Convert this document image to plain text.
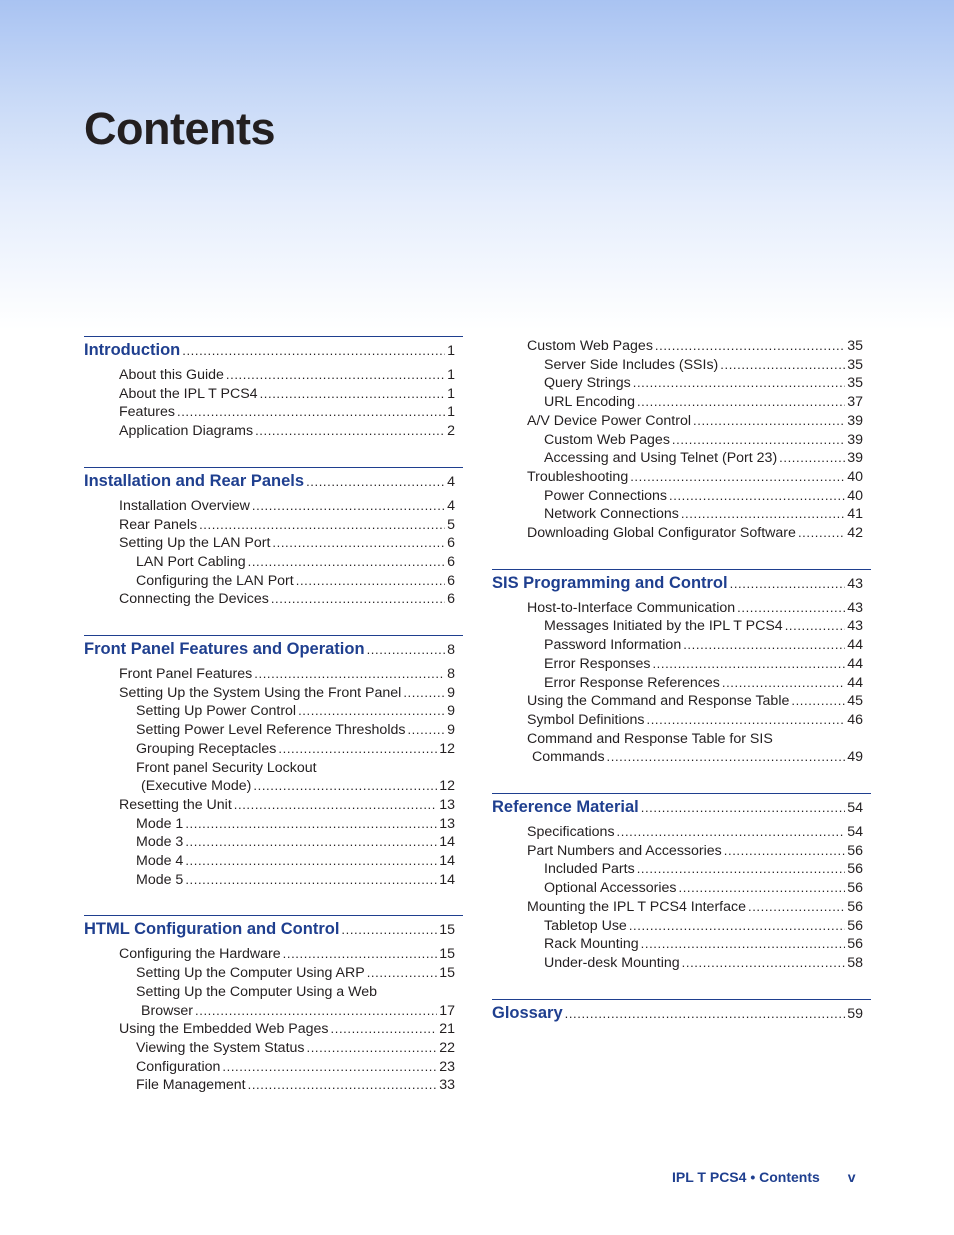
Contents
Introduction .....	1
About this Guide .....	1
About the IPL T PCS4 .....	1
Features .....	1
Application Diagrams .....	2
Installation and Rear Panels .....	4
Installation Overview .....	4
Rear Panels .....	5
Setting Up the LAN Port .....	6
LAN Port Cabling .....	6
Configuring the LAN Port .....	6
Connecting the Devices .....	6
Front Panel Features and Operation .....	8
Front Panel Features .....	8
Setting Up the System Using the Front Panel .....	9
Setting Up Power Control .....	9
Setting Power Level Reference Thresholds .....	9
Grouping Receptacles .....	12
Front panel Security Lockout
(Executive Mode) .....	12
Resetting the Unit .....	13
Mode 1 .....	13
Mode 3 .....	14
Mode 4 .....	14
Mode 5 .....	14
HTML Configuration and Control .....	15
Configuring the Hardware .....	15
Setting Up the Computer Using ARP .....	15
Setting Up the Computer Using a Web
Browser .....	17
Using the Embedded Web Pages .....	21
Viewing the System Status .....	22
Configuration .....	23
File Management .....	33
Custom Web Pages .....	35
Server Side Includes (SSIs) .....	35
Query Strings .....	35
URL Encoding .....	37
A/V Device Power Control .....	39
Custom Web Pages .....	39
Accessing and Using Telnet (Port 23) .....	39
Troubleshooting .....	40
Power Connections .....	40
Network Connections .....	41
Downloading Global Configurator Software .....	42
SIS Programming and Control .....	43
Host-to-Interface Communication .....	43
Messages Initiated by the IPL T PCS4 .....	43
Password Information .....	44
Error Responses .....	44
Error Response References .....	44
Using the Command and Response Table .....	45
Symbol Definitions .....	46
Command and Response Table for SIS
Commands .....	49
Reference Material .....	54
Specifications .....	54
Part Numbers and Accessories .....	56
Included Parts .....	56
Optional Accessories .....	56
Mounting the IPL T PCS4 Interface .....	56
Tabletop Use .....	56
Rack Mounting .....	56
Under-desk Mounting .....	58
Glossary .....	59
IPL T PCS4 • Contents v
